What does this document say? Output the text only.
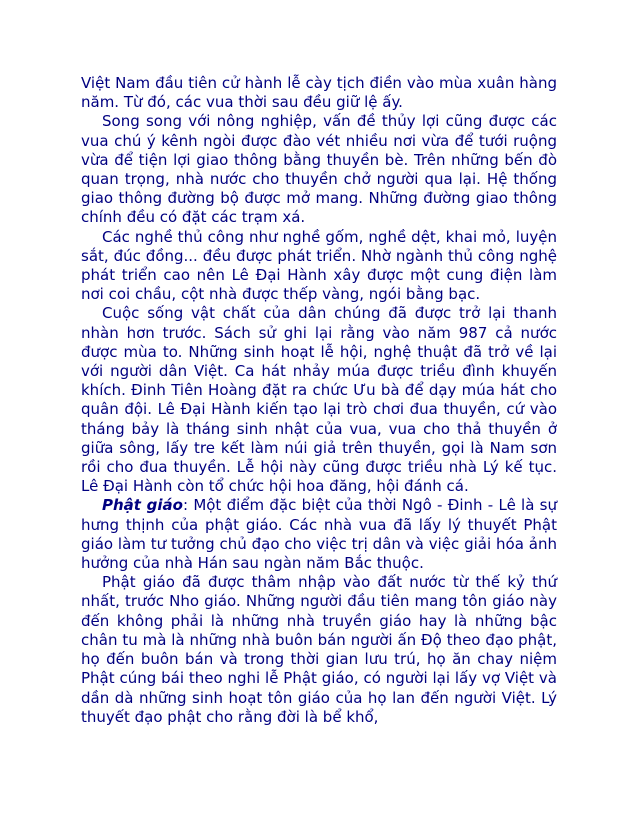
Việt Nam đầu tiên cử hành lễ cày tịch điền vào mùa xuân hàng năm. Từ đó, các vua thời sau đều giữ lệ ấy.

Song song với nông nghiệp, vấn đề thủy lợi cũng được các vua chú ý kênh ngòi được đào vét nhiều nơi vừa để tưới ruộng vừa để tiện lợi giao thông bằng thuyền bè. Trên những bến đò quan trọng, nhà nước cho thuyền chở người qua lại. Hệ thống giao thông đường bộ được mở mang. Những đường giao thông chính đều có đặt các trạm xá.

Các nghề thủ công như nghề gốm, nghề dệt, khai mỏ, luyện sắt, đúc đồng... đều được phát triển. Nhờ ngành thủ công nghệ phát triển cao nên Lê Đại Hành xây được một cung điện làm nơi coi chầu, cột nhà được thếp vàng, ngói bằng bạc.

Cuộc sống vật chất của dân chúng đã được trở lại thanh nhàn hơn trước. Sách sử ghi lại rằng vào năm 987 cả nước được mùa to. Những sinh hoạt lễ hội, nghệ thuật đã trở về lại với người dân Việt. Ca hát nhảy múa được triều đình khuyến khích. Đinh Tiên Hoàng đặt ra chức Ưu bà để dạy múa hát cho quân đội. Lê Đại Hành kiến tạo lại trò chơi đua thuyền, cứ vào tháng bảy là tháng sinh nhật của vua, vua cho thả thuyền ở giữa sông, lấy tre kết làm núi giả trên thuyền, gọi là Nam sơn rồi cho đua thuyền. Lễ hội này cũng được triều nhà Lý kế tục. Lê Đại Hành còn tổ chức hội hoa đăng, hội đánh cá.

Phật giáo: Một điểm đặc biệt của thời Ngô - Đinh - Lê là sự hưng thịnh của phật giáo. Các nhà vua đã lấy lý thuyết Phật giáo làm tư tưởng chủ đạo cho việc trị dân và việc giải hóa ảnh hưởng của nhà Hán sau ngàn năm Bắc thuộc.

Phật giáo đã được thâm nhập vào đất nước từ thế kỷ thứ nhất, trước Nho giáo. Những người đầu tiên mang tôn giáo này đến không phải là những nhà truyền giáo hay là những bậc chân tu mà là những nhà buôn bán người ấn Độ theo đạo phật, họ đến buôn bán và trong thời gian lưu trú, họ ăn chay niệm Phật cúng bái theo nghi lễ Phật giáo, có người lại lấy vợ Việt và dần dà những sinh hoạt tôn giáo của họ lan đến người Việt. Lý thuyết đạo phật cho rằng đời là bể khổ,
